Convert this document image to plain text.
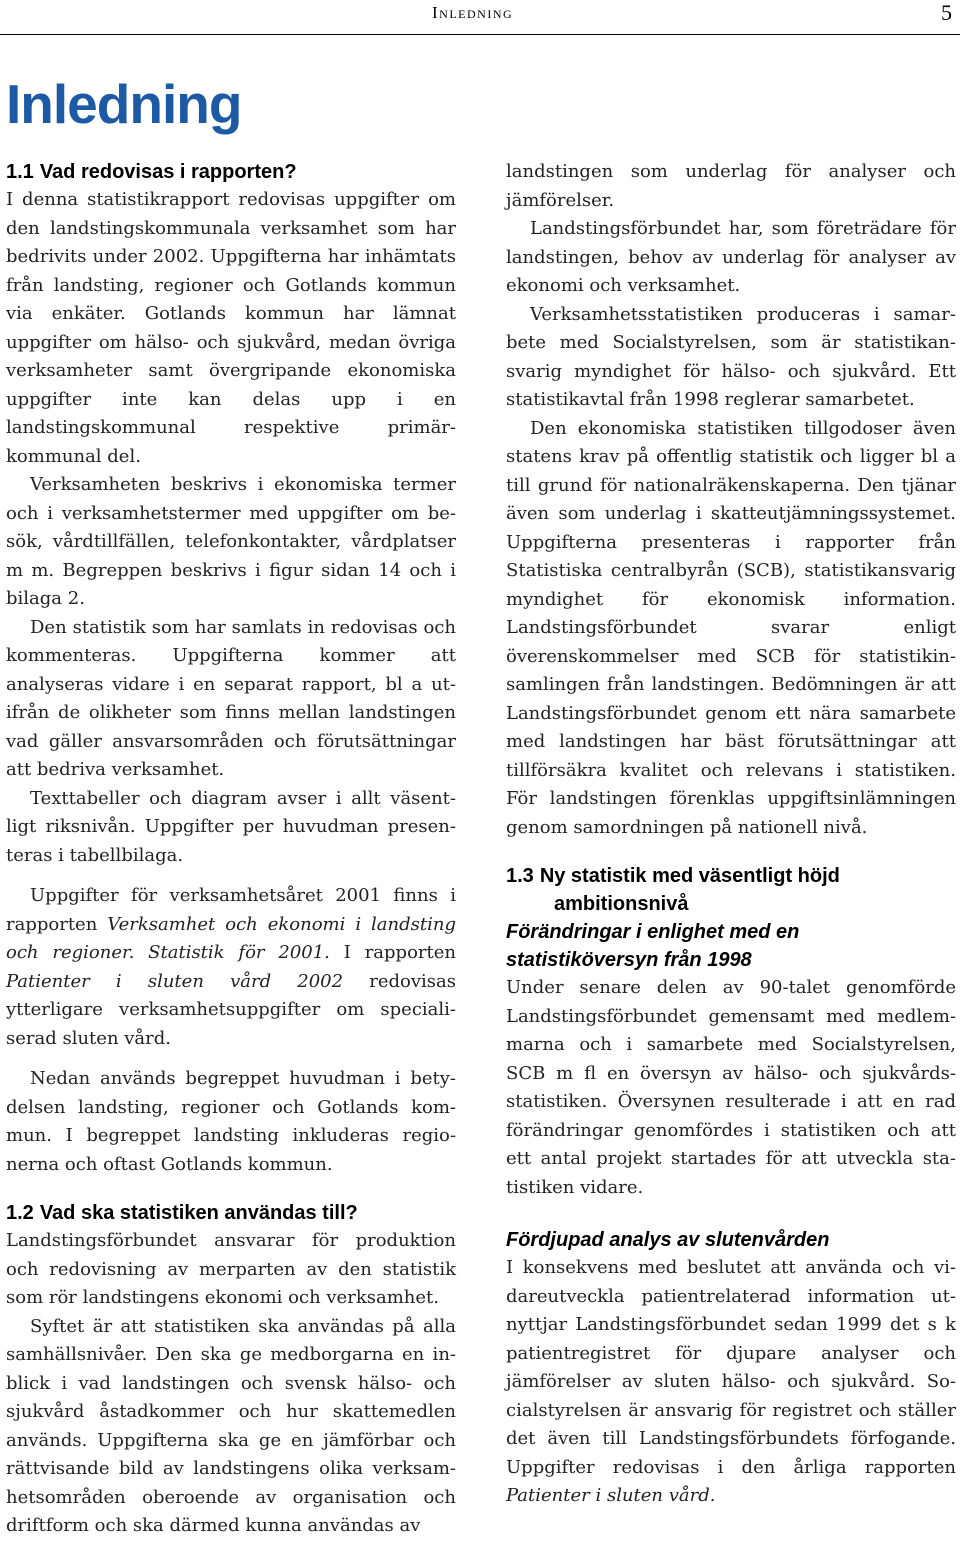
Inledning	5
Inledning
1.1 Vad redovisas i rapporten?

I denna statistikrapport redovisas uppgifter om den landstingskommunala verksamhet som har bedrivits under 2002. Uppgifterna har inhämtats från landsting, regioner och Gotlands kommun via enkäter. Gotlands kommun har lämnat uppgifter om hälso- och sjukvård, medan övriga verksamheter samt övergripande ekonomiska uppgifter inte kan delas upp i en landstingskommunal respektive primärkommunal del.

Verksamheten beskrivs i ekonomiska termer och i verksamhetstermer med uppgifter om besök, vårdtillfällen, telefonkontakter, vårdplatser m m. Begreppen beskrivs i figur sidan 14 och i bilaga 2.

Den statistik som har samlats in redovisas och kommenteras. Uppgifterna kommer att analyseras vidare i en separat rapport, bl a utifrån de olikheter som finns mellan landstingen vad gäller ansvarsområden och förutsättningar att bedriva verksamhet.

Texttabeller och diagram avser i allt väsentligt riksnivån. Uppgifter per huvudman presenteras i tabellbilaga.

Uppgifter för verksamhetsåret 2001 finns i rapporten Verksamhet och ekonomi i landsting och regioner. Statistik för 2001. I rapporten Patienter i sluten vård 2002 redovisas ytterligare verksamhetsuppgifter om specialiserad sluten vård.

Nedan används begreppet huvudman i betydelsen landsting, regioner och Gotlands kommun. I begreppet landsting inkluderas regionerna och oftast Gotlands kommun.

1.2 Vad ska statistiken användas till?

Landstingsförbundet ansvarar för produktion och redovisning av merparten av den statistik som rör landstingens ekonomi och verksamhet.

Syftet är att statistiken ska användas på alla samhällsnivåer. Den ska ge medborgarna en inblick i vad landstingen och svensk hälso- och sjukvård åstadkommer och hur skattemedlen används. Uppgifterna ska ge en jämförbar och rättvisande bild av landstingens olika verksamhetsområden oberoende av organisation och driftform och ska därmed kunna användas av

landstingen som underlag för analyser och jämförelser.

Landstingsförbundet har, som företrädare för landstingen, behov av underlag för analyser av ekonomi och verksamhet.

Verksamhetsstatistiken produceras i samarbete med Socialstyrelsen, som är statistikansvarig myndighet för hälso- och sjukvård. Ett statistikavtal från 1998 reglerar samarbetet.

Den ekonomiska statistiken tillgodoser även statens krav på offentlig statistik och ligger bl a till grund för nationalräkenskaperna. Den tjänar även som underlag i skatteutjämningssystemet. Uppgifterna presenteras i rapporter från Statistiska centralbyrån (SCB), statistikansvarig myndighet för ekonomisk information. Landstingsförbundet svarar enligt överenskommelser med SCB för statistikinsamlingen från landstingen. Bedömningen är att Landstingsförbundet genom ett nära samarbete med landstingen har bäst förutsättningar att tillförsäkra kvalitet och relevans i statistiken. För landstingen förenklas uppgiftsinlämningen genom samordningen på nationell nivå.

1.3 Ny statistik med väsentligt höjd ambitionsnivå
Förändringar i enlighet med en statistiköversyn från 1998

Under senare delen av 90-talet genomförde Landstingsförbundet gemensamt med medlemmarna och i samarbete med Socialstyrelsen, SCB m fl en översyn av hälso- och sjukvårdsstatistiken. Översynen resulterade i att en rad förändringar genomfördes i statistiken och att ett antal projekt startades för att utveckla statistiken vidare.

Fördjupad analys av slutenvården

I konsekvens med beslutet att använda och vidareutveckla patientrelaterad information utnyttjar Landstingsförbundet sedan 1999 det s k patientregistret för djupare analyser och jämförelser av sluten hälso- och sjukvård. Socialstyrelsen är ansvarig för registret och ställer det även till Landstingsförbundets förfogande. Uppgifter redovisas i den årliga rapporten Patienter i sluten vård.
